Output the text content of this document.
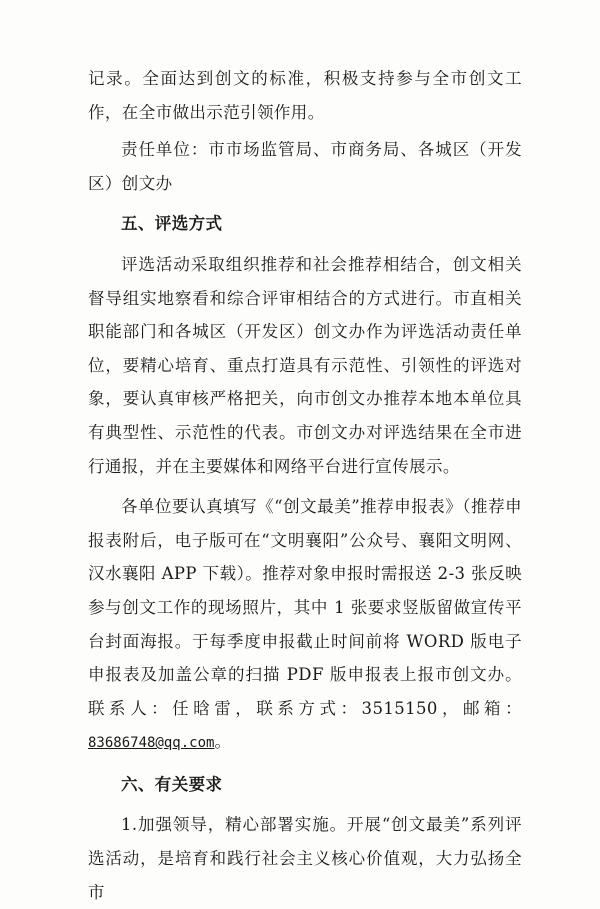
记录。全面达到创文的标准，积极支持参与全市创文工作，在全市做出示范引领作用。

责任单位：市市场监管局、市商务局、各城区（开发区）创文办

五、评选方式

评选活动采取组织推荐和社会推荐相结合，创文相关督导组实地察看和综合评审相结合的方式进行。市直相关职能部门和各城区（开发区）创文办作为评选活动责任单位，要精心培育、重点打造具有示范性、引领性的评选对象，要认真审核严格把关，向市创文办推荐本地本单位具有典型性、示范性的代表。市创文办对评选结果在全市进行通报，并在主要媒体和网络平台进行宣传展示。

各单位要认真填写《“创文最美”推荐申报表》（推荐申报表附后，电子版可在“文明襄阳”公众号、襄阳文明网、汉水襄阳 APP 下载）。推荐对象申报时需报送 2-3 张反映参与创文工作的现场照片，其中 1 张要求竖版留做宣传平台封面海报。于每季度申报截止时间前将 WORD 版电子申报表及加盖公章的扫描 PDF 版申报表上报市创文办。联系人：任晗雷，联系方式：3515150，邮箱：83686748@qq.com。

六、有关要求

1.加强领导，精心部署实施。开展“创文最美”系列评选活动，是培育和践行社会主义核心价值观，大力弘扬全市
